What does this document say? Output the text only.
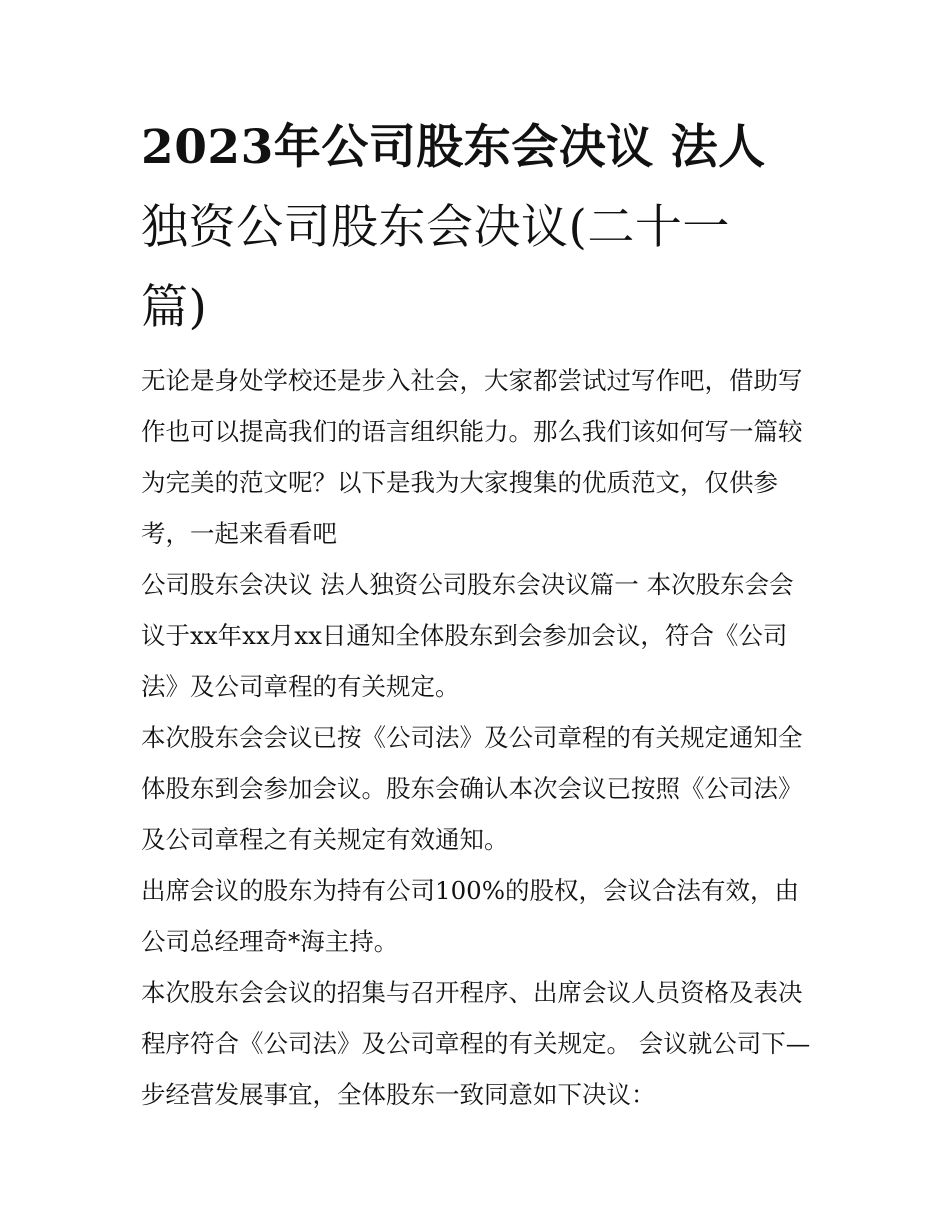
2023年公司股东会决议 法人
独资公司股东会决议(二十一
篇)

无论是身处学校还是步入社会，大家都尝试过写作吧，借助写作也可以提高我们的语言组织能力。那么我们该如何写一篇较为完美的范文呢？以下是我为大家搜集的优质范文，仅供参考，一起来看看吧

公司股东会决议 法人独资公司股东会决议篇一 本次股东会会议于xx年xx月xx日通知全体股东到会参加会议，符合《公司法》及公司章程的有关规定。

本次股东会会议已按《公司法》及公司章程的有关规定通知全体股东到会参加会议。股东会确认本次会议已按照《公司法》及公司章程之有关规定有效通知。

出席会议的股东为持有公司100%的股权，会议合法有效，由公司总经理奇*海主持。

本次股东会会议的招集与召开程序、出席会议人员资格及表决程序符合《公司法》及公司章程的有关规定。 会议就公司下—步经营发展事宜，全体股东一致同意如下决议：
